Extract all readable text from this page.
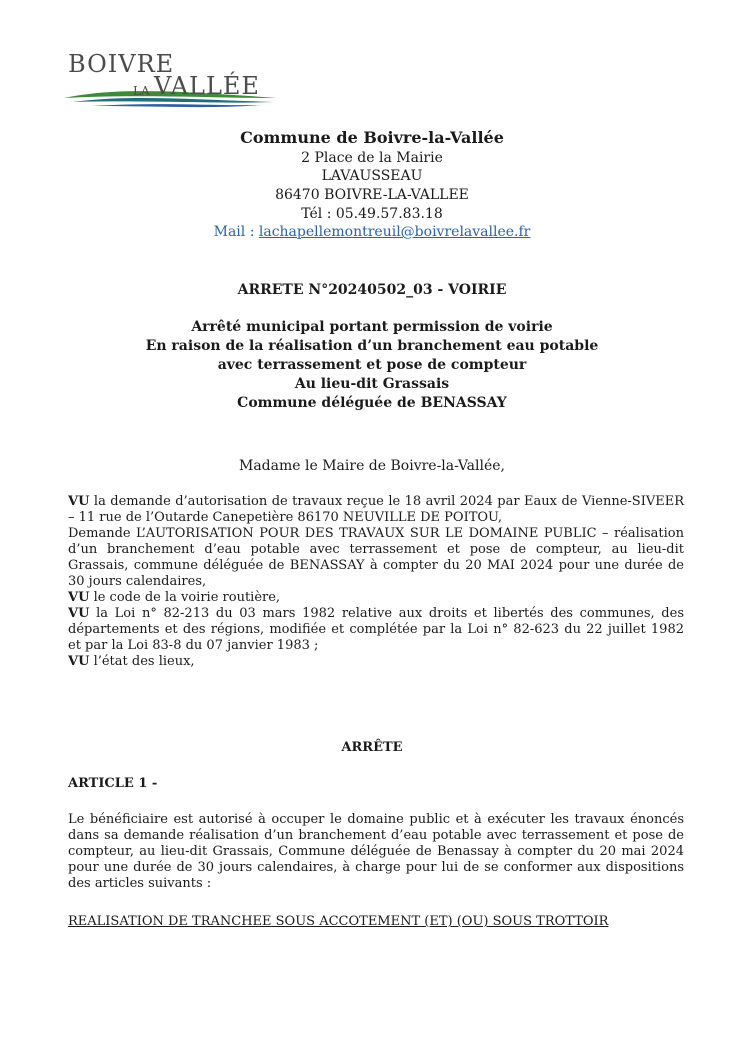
BOIVRE
LA VALLÉE
Commune de Boivre-la-Vallée
2 Place de la Mairie
LAVAUSSEAU
86470 BOIVRE-LA-VALLEE
Tél : 05.49.57.83.18
Mail : lachapellemontreuil@boivrelavallee.fr
ARRETE N°20240502_03 - VOIRIE
Arrêté municipal portant permission de voirie
En raison de la réalisation d’un branchement eau potable
avec terrassement et pose de compteur
Au lieu-dit Grassais
Commune déléguée de BENASSAY
Madame le Maire de Boivre-la-Vallée,

VU la demande d’autorisation de travaux reçue le 18 avril 2024 par Eaux de Vienne-SIVEER – 11 rue de l’Outarde Canepetière 86170 NEUVILLE DE POITOU,

Demande L’AUTORISATION POUR DES TRAVAUX SUR LE DOMAINE PUBLIC – réalisation d’un branchement d’eau potable avec terrassement et pose de compteur, au lieu-dit Grassais, commune déléguée de BENASSAY à compter du 20 MAI 2024 pour une durée de 30 jours calendaires,

VU le code de la voirie routière,

VU la Loi n° 82-213 du 03 mars 1982 relative aux droits et libertés des communes, des départements et des régions, modifiée et complétée par la Loi n° 82-623 du 22 juillet 1982 et par la Loi 83-8 du 07 janvier 1983 ;

VU l’état des lieux,

ARRÊTE
ARTICLE 1 -

Le bénéficiaire est autorisé à occuper le domaine public et à exécuter les travaux énoncés dans sa demande réalisation d’un branchement d’eau potable avec terrassement et pose de compteur, au lieu-dit Grassais, Commune déléguée de Benassay à compter du 20 mai 2024 pour une durée de 30 jours calendaires, à charge pour lui de se conformer aux dispositions des articles suivants :

REALISATION DE TRANCHEE SOUS ACCOTEMENT (ET) (OU) SOUS TROTTOIR
